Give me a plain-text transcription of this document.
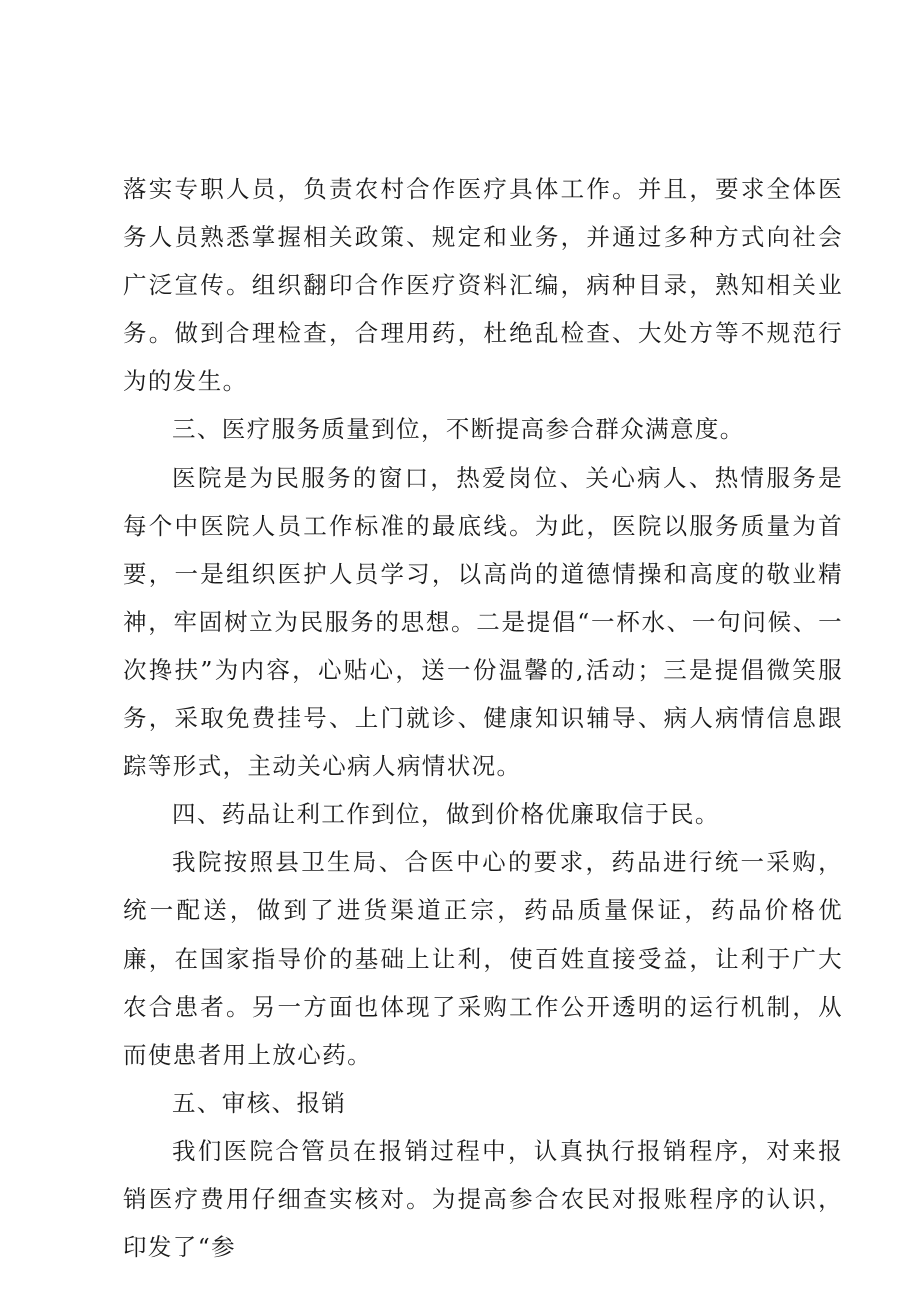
落实专职人员，负责农村合作医疗具体工作。并且，要求全体医务人员熟悉掌握相关政策、规定和业务，并通过多种方式向社会广泛宣传。组织翻印合作医疗资料汇编，病种目录，熟知相关业务。做到合理检查，合理用药，杜绝乱检查、大处方等不规范行为的发生。

三、医疗服务质量到位，不断提高参合群众满意度。

医院是为民服务的窗口，热爱岗位、关心病人、热情服务是每个中医院人员工作标准的最底线。为此，医院以服务质量为首要，一是组织医护人员学习，以高尚的道德情操和高度的敬业精神，牢固树立为民服务的思想。二是提倡“一杯水、一句问候、一次搀扶”为内容，心贴心，送一份温馨的,活动；三是提倡微笑服务，采取免费挂号、上门就诊、健康知识辅导、病人病情信息跟踪等形式，主动关心病人病情状况。

四、药品让利工作到位，做到价格优廉取信于民。

我院按照县卫生局、合医中心的要求，药品进行统一采购，统一配送，做到了进货渠道正宗，药品质量保证，药品价格优廉，在国家指导价的基础上让利，使百姓直接受益，让利于广大农合患者。另一方面也体现了采购工作公开透明的运行机制，从而使患者用上放心药。

五、审核、报销

我们医院合管员在报销过程中，认真执行报销程序，对来报销医疗费用仔细查实核对。为提高参合农民对报账程序的认识，印发了“参
